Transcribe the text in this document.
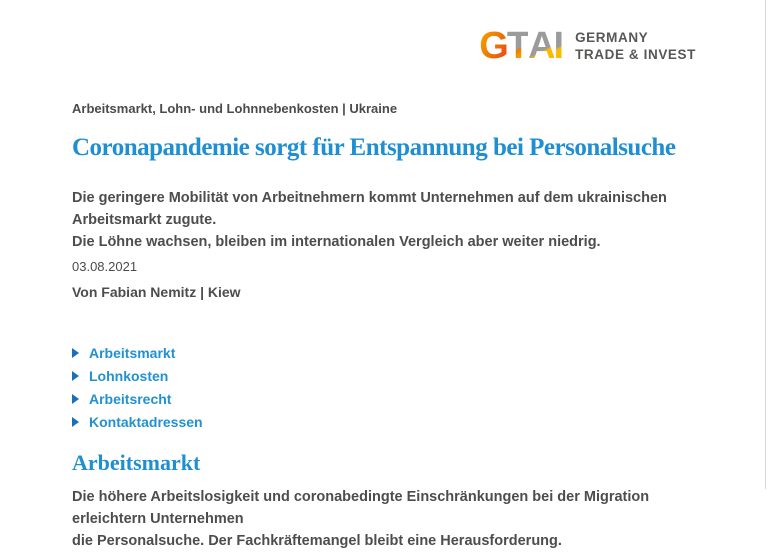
G T A I GERMANY
TRADE & INVEST
Arbeitsmarkt, Lohn- und Lohnnebenkosten | Ukraine
Coronapandemie sorgt für Entspannung bei Personalsuche
Die geringere Mobilität von Arbeitnehmern kommt Unternehmen auf dem ukrainischen Arbeitsmarkt zugute.
Die Löhne wachsen, bleiben im internationalen Vergleich aber weiter niedrig.
03.08.2021
Von Fabian Nemitz | Kiew
Arbeitsmarkt
Lohnkosten
Arbeitsrecht
Kontaktadressen
Arbeitsmarkt
Die höhere Arbeitslosigkeit und coronabedingte Einschränkungen bei der Migration erleichtern Unternehmen
die Personalsuche. Der Fachkräftemangel bleibt eine Herausforderung.
